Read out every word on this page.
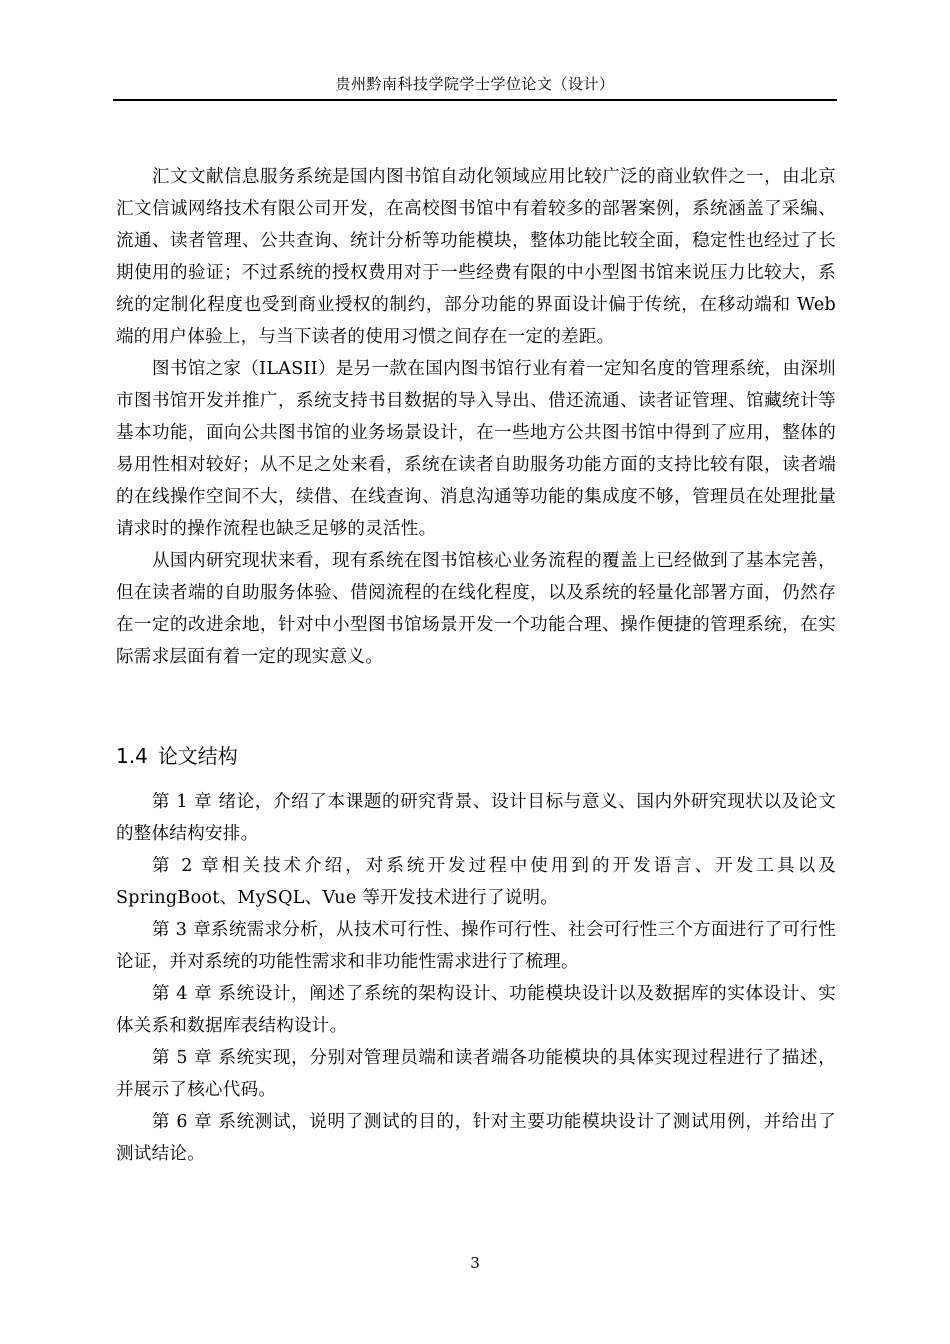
贵州黔南科技学院学士学位论文（设计）

汇文文献信息服务系统是国内图书馆自动化领域应用比较广泛的商业软件之一，由北京汇文信诚网络技术有限公司开发，在高校图书馆中有着较多的部署案例，系统涵盖了采编、流通、读者管理、公共查询、统计分析等功能模块，整体功能比较全面，稳定性也经过了长期使用的验证；不过系统的授权费用对于一些经费有限的中小型图书馆来说压力比较大，系统的定制化程度也受到商业授权的制约，部分功能的界面设计偏于传统，在移动端和 Web 端的用户体验上，与当下读者的使用习惯之间存在一定的差距。

图书馆之家（ILASII）是另一款在国内图书馆行业有着一定知名度的管理系统，由深圳市图书馆开发并推广，系统支持书目数据的导入导出、借还流通、读者证管理、馆藏统计等基本功能，面向公共图书馆的业务场景设计，在一些地方公共图书馆中得到了应用，整体的易用性相对较好；从不足之处来看，系统在读者自助服务功能方面的支持比较有限，读者端的在线操作空间不大，续借、在线查询、消息沟通等功能的集成度不够，管理员在处理批量请求时的操作流程也缺乏足够的灵活性。

从国内研究现状来看，现有系统在图书馆核心业务流程的覆盖上已经做到了基本完善，但在读者端的自助服务体验、借阅流程的在线化程度，以及系统的轻量化部署方面，仍然存在一定的改进余地，针对中小型图书馆场景开发一个功能合理、操作便捷的管理系统，在实际需求层面有着一定的现实意义。

1.4 论文结构

第 1 章 绪论，介绍了本课题的研究背景、设计目标与意义、国内外研究现状以及论文的整体结构安排。

第 2 章相关技术介绍，对系统开发过程中使用到的开发语言、开发工具以及 SpringBoot、MySQL、Vue 等开发技术进行了说明。

第 3 章系统需求分析，从技术可行性、操作可行性、社会可行性三个方面进行了可行性论证，并对系统的功能性需求和非功能性需求进行了梳理。

第 4 章 系统设计，阐述了系统的架构设计、功能模块设计以及数据库的实体设计、实体关系和数据库表结构设计。

第 5 章 系统实现，分别对管理员端和读者端各功能模块的具体实现过程进行了描述，并展示了核心代码。

第 6 章 系统测试，说明了测试的目的，针对主要功能模块设计了测试用例，并给出了测试结论。

3
